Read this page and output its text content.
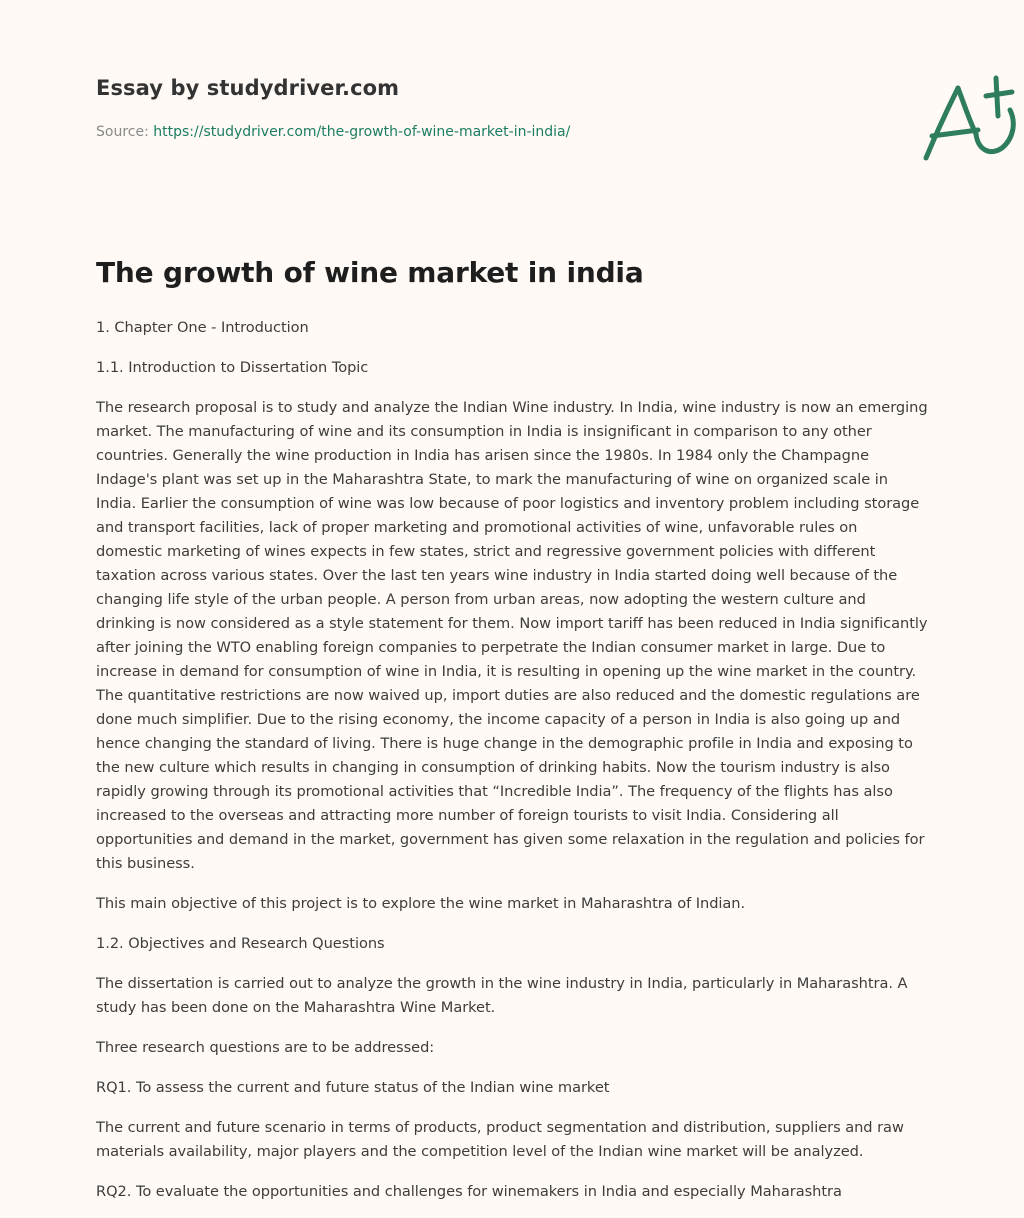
Essay by studydriver.com
Source: https://studydriver.com/the-growth-of-wine-market-in-india/
The growth of wine market in india

1. Chapter One - Introduction

1.1. Introduction to Dissertation Topic

The research proposal is to study and analyze the Indian Wine industry. In India, wine industry is now an emerging market. The manufacturing of wine and its consumption in India is insignificant in comparison to any other countries. Generally the wine production in India has arisen since the 1980s. In 1984 only the Champagne Indage's plant was set up in the Maharashtra State, to mark the manufacturing of wine on organized scale in India. Earlier the consumption of wine was low because of poor logistics and inventory problem including storage and transport facilities, lack of proper marketing and promotional activities of wine, unfavorable rules on domestic marketing of wines expects in few states, strict and regressive government policies with different taxation across various states. Over the last ten years wine industry in India started doing well because of the changing life style of the urban people. A person from urban areas, now adopting the western culture and drinking is now considered as a style statement for them. Now import tariff has been reduced in India significantly after joining the WTO enabling foreign companies to perpetrate the Indian consumer market in large. Due to increase in demand for consumption of wine in India, it is resulting in opening up the wine market in the country. The quantitative restrictions are now waived up, import duties are also reduced and the domestic regulations are done much simplifier. Due to the rising economy, the income capacity of a person in India is also going up and hence changing the standard of living. There is huge change in the demographic profile in India and exposing to the new culture which results in changing in consumption of drinking habits. Now the tourism industry is also rapidly growing through its promotional activities that “Incredible India”. The frequency of the flights has also increased to the overseas and attracting more number of foreign tourists to visit India. Considering all opportunities and demand in the market, government has given some relaxation in the regulation and policies for this business.

This main objective of this project is to explore the wine market in Maharashtra of Indian.

1.2. Objectives and Research Questions

The dissertation is carried out to analyze the growth in the wine industry in India, particularly in Maharashtra. A study has been done on the Maharashtra Wine Market.

Three research questions are to be addressed:

RQ1. To assess the current and future status of the Indian wine market

The current and future scenario in terms of products, product segmentation and distribution, suppliers and raw materials availability, major players and the competition level of the Indian wine market will be analyzed.

RQ2. To evaluate the opportunities and challenges for winemakers in India and especially Maharashtra
